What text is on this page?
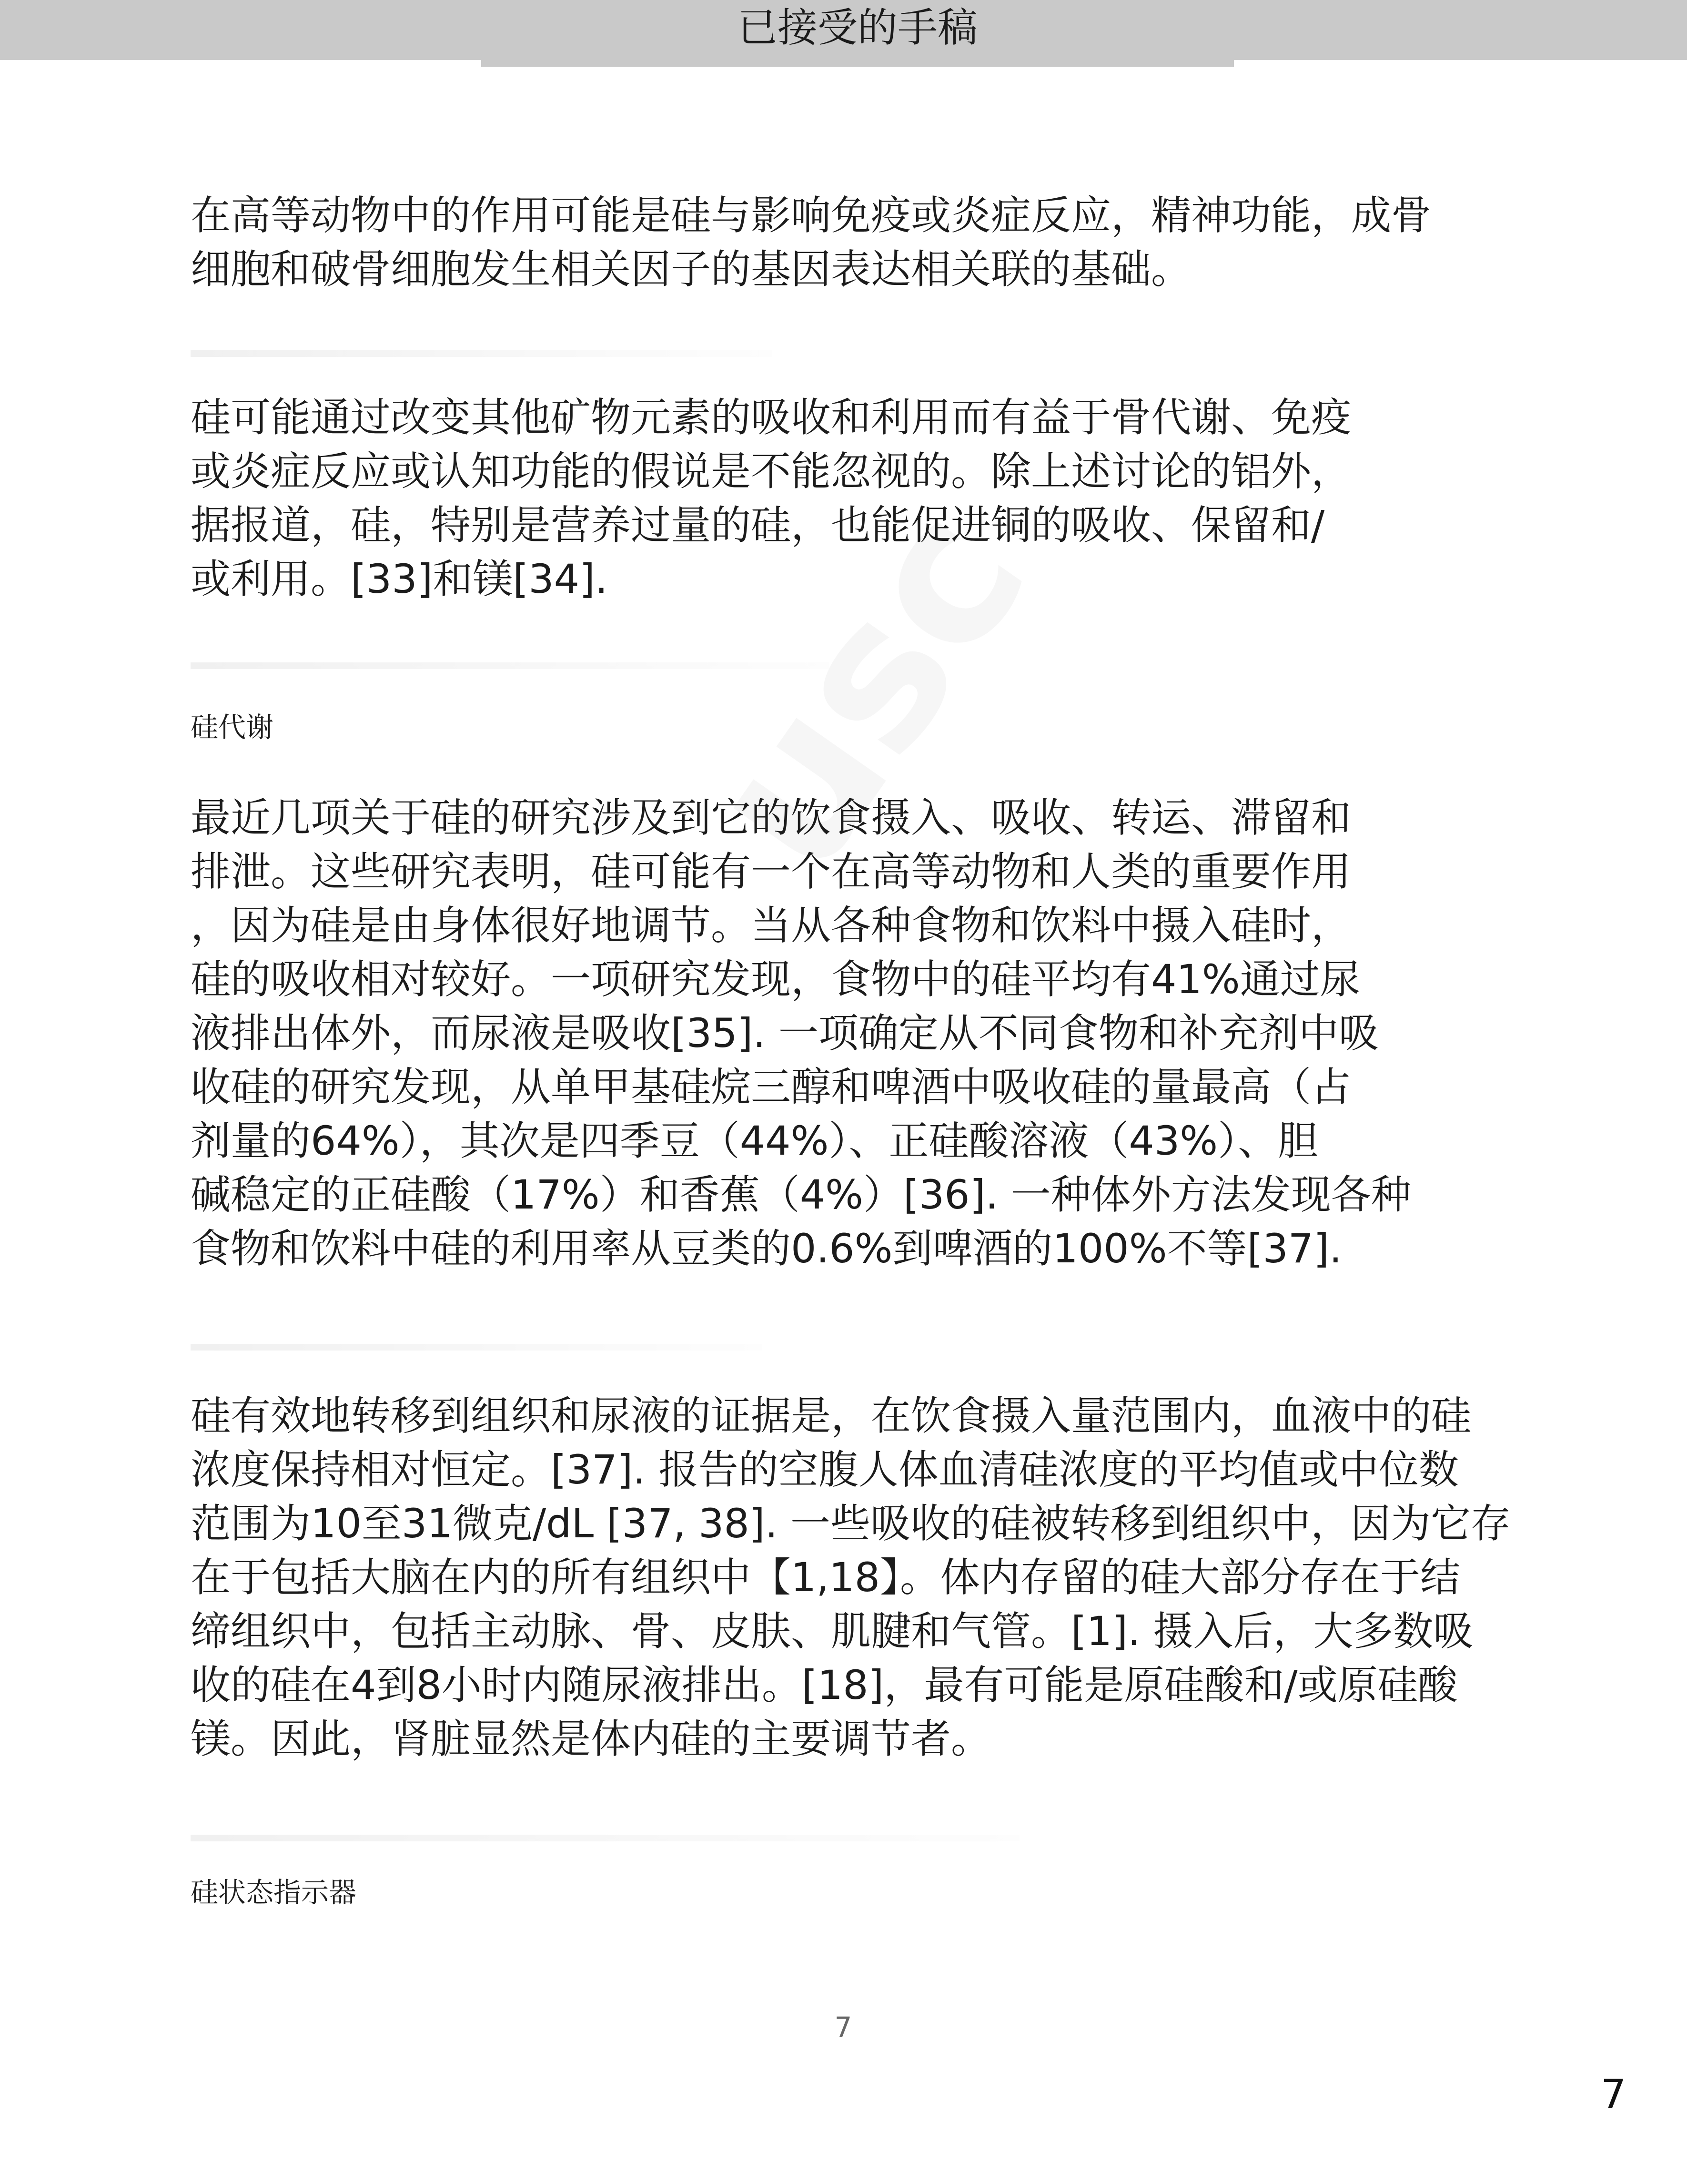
已接受的手稿
在高等动物中的作用可能是硅与影响免疫或炎症反应，精神功能，成骨
细胞和破骨细胞发生相关因子的基因表达相关联的基础。
硅可能通过改变其他矿物元素的吸收和利用而有益于骨代谢、免疫
或炎症反应或认知功能的假说是不能忽视的。除上述讨论的铝外，
据报道，硅，特别是营养过量的硅，也能促进铜的吸收、保留和/
或利用。[33]和镁[34].
硅代谢
最近几项关于硅的研究涉及到它的饮食摄入、吸收、转运、滞留和
排泄。这些研究表明，硅可能有一个在高等动物和人类的重要作用
，因为硅是由身体很好地调节。当从各种食物和饮料中摄入硅时，
硅的吸收相对较好。一项研究发现，食物中的硅平均有41%通过尿
液排出体外，而尿液是吸收[35]. 一项确定从不同食物和补充剂中吸
收硅的研究发现，从单甲基硅烷三醇和啤酒中吸收硅的量最高（占
剂量的64%），其次是四季豆（44%）、正硅酸溶液（43%）、胆
碱稳定的正硅酸（17%）和香蕉（4%）[36]. 一种体外方法发现各种
食物和饮料中硅的利用率从豆类的0.6%到啤酒的100%不等[37].
硅有效地转移到组织和尿液的证据是，在饮食摄入量范围内，血液中的硅
浓度保持相对恒定。[37]. 报告的空腹人体血清硅浓度的平均值或中位数
范围为10至31微克/dL [37, 38]. 一些吸收的硅被转移到组织中，因为它存
在于包括大脑在内的所有组织中【1,18】。体内存留的硅大部分存在于结
缔组织中，包括主动脉、骨、皮肤、肌腱和气管。[1]. 摄入后，大多数吸
收的硅在4到8小时内随尿液排出。[18]，最有可能是原硅酸和/或原硅酸
镁。因此，肾脏显然是体内硅的主要调节者。
硅状态指示器
7
7
